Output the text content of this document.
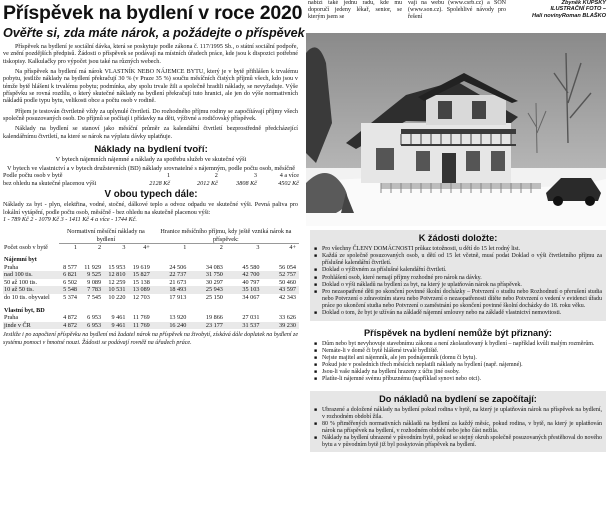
Příspěvek na bydlení v roce 2020
Ověřte si, zda máte nárok, a požádejte o příspěvek
Příspěvek na bydlení je sociální dávka, která se poskytuje podle zákona č. 117/1995 Sb., o státní sociální podpoře, ve znění pozdějších předpisů. Žádosti o příspěvek se podávají na místních úřadech práce, kde jsou k dispozici potřebné tiskopisy. Kalkulačky pro výpočet jsou také na různých webech.
Na příspěvek na bydlení má nárok VLASTNÍK NEBO NÁJEMCE BYTU, který je v bytě přihlášen k trvalému pobytu, jestliže náklady na bydlení překračují 30 % (v Praze 35 %) součtu měsíčních čistých příjmů všech, kdo jsou v témže bytě hlášeni k trvalému pobytu; podmínka, aby spolu trvale žili a společně hradili náklady, se nevyžaduje. Výše příspěvku se rovná rozdílu, o který skutečné náklady na bydlení překračují tuto hranici, ale jen do výše normativních nákladů podle typu bytu, velikosti obce a počtu osob v rodině.
Příjem je testován čtvrtletně vždy za uplynulé čtvrtletí. Do rozhodného příjmu rodiny se započítávají příjmy všech společně posuzovaných osob. Do příjmů se počítají i přídavky na děti, výživné a rodičovský příspěvek.
Náklady na bydlení se stanoví jako měsíční průměr za kalendářní čtvrtletí bezprostředně předcházející kalendářnímu čtvrtletí, na které se nárok na výplatu dávky uplatňuje.
Náklady na bydlení tvoří:
V bytech nájemních nájemné a náklady za spotřebu služeb ve skutečné výši
V bytech ve vlastnictví a v bytech družstevních (BD) náklady srovnatelné s nájemným, podle počtu osob, měsíčně
Podle počtu osob v bytě	1	2	3	4 a více
bez ohledu na skutečné placenou výši	2128 Kč	2012 Kč	3808 Kč	4502 Kč
V obou typech dále:
Náklady za byt - plyn, elektřina, vodné, stočné, dálkové teplo a odvoz odpadu ve skutečné výši. Pevná paliva pro lokální vytápění, podle počtu osob, měsíčně - bez ohledu na skutečně placenou výši:
1 - 789 Kč 2 - 1079 Kč 3 - 1411 Kč 4 a více - 1744 Kč.
	Normativní měsíční náklady na bydlení				Hranice měsíčního příjmu, kdy ještě vzniká nárok na příspěvek:			
Počet osob v bytě	1	2	3	4+	1	2	3	4+

Nájemní byt								
Praha	8 577	11 929	15 953	19 619	24 506	34 083	45 580	56 054
nad 100 tis.	6 821	9 525	12 810	15 827	22 737	31 750	42 700	52 757
50 až 100 tis.	6 502	9 089	12 259	15 138	21 673	30 297	40 797	50 460
10 až 50 tis.	5 548	7 783	10 531	13 089	18 493	25 943	35 103	43 597
do 10 tis. obyvatel	5 374	7 545	10 220	12 703	17 913	25 150	34 067	42 343

Vlastní byt, BD								
Praha	4 872	6 953	9 461	11 769	13 920	19 866	27 031	33 626
jinde v ČR	4 872	6 953	9 461	11 769	16 240	23 177	31 537	39 230
Jestliže i po započtení příspěvku na bydlení má žadatel nárok na příspěvek na živobytí, získává dále doplatek na bydlení ze systému pomoci v hmotné nouzi. Žádosti se podávají rovněž na úřadech práce.
nabízí také jednu radu, kde mu doporučí jedeny lékař, senior, se kterým jsem se
vají na webu (www.csrb.cz) a SON (www.son.cz). Spolehlivé návody pro řešení
Zbyněk KUPSKÝ
ILUSTRAČNÍ FOTO –
Hali novinyRoman BLAŠKO
K žádosti doložte:
■ Pro všechny ČLENY DOMÁCNOSTI průkaz totožnosti, u dětí do 15 let rodný list.
■ Každá ze společně posuzovaných osob, u dětí od 15 let včetně, musí podat Doklad o výši čtvrtletního příjmu za příslušné kalendářní čtvrtletí.
■ Doklad o výživném za příslušné kalendářní čtvrtletí.
■ Prohlášení osob, které nemají příjmy rozhodné pro nárok na dávky.
■ Doklad o výši nákladů na bydlení za byt, na který je uplatňován nárok na příspěvek.
■ Pro nezaopatřené děti po skončení povinné školní docházky – Potvrzení o studiu nebo Rozhodnutí o přerušení studia nebo Potvrzení o zdravotním stavu nebo Potvrzení o nezaopatřenosti dítěte nebo Potvrzení o vedení v evidenci úřadu práce po ukončení studia nebo Potvrzení o zaměstnání po skončení povinné školní docházky do 18. roku věku.
■ Doklad o tom, že byt je užíván na základě nájemní smlouvy nebo na základě vlastnictví nemovitosti.
Příspěvek na bydlení nemůže být přiznaný:
■ Dům nebo byt nevyhovuje stavebnímu zákonu a není zkolaudovaný k bydlení – například kvůli malým rozměrům.
■ Nemáte-li v domě či bytě hlášené trvalé bydliště.
■ Nejste majitel ani nájemník, ale jen podnájemník (domu či bytu).
■ Pokud jste v posledních třech měsících neplatili náklady na bydlení (např. nájemné).
■ Jsou-li vaše náklady na bydlení hrazeny z účtu jiné osoby.
■ Platíte-li nájemné svému příbuznému (například synovi nebo otci).
Do nákladů na bydlení se započítají:
■ Ubrazené a doložené náklady na bydlení pokud rodina v bytě, na který je uplatňován nárok na příspěvek na bydlení, v rozhodném období žila.
■ 80 % přiměřených normativních nákladů na bydlení za každý měsíc, pokud rodina, v bytě, na který je uplatňován nárok na příspěvek na bydlení, v rozhodném období nebo jeho část nežila.
■ Náklady na bydlení ubrazené v původním bytě, pokud se stejný okruh společně posuzovaných přestěhoval do nového bytu a v původním bytě již byl poskytován příspěvek na bydlení.
